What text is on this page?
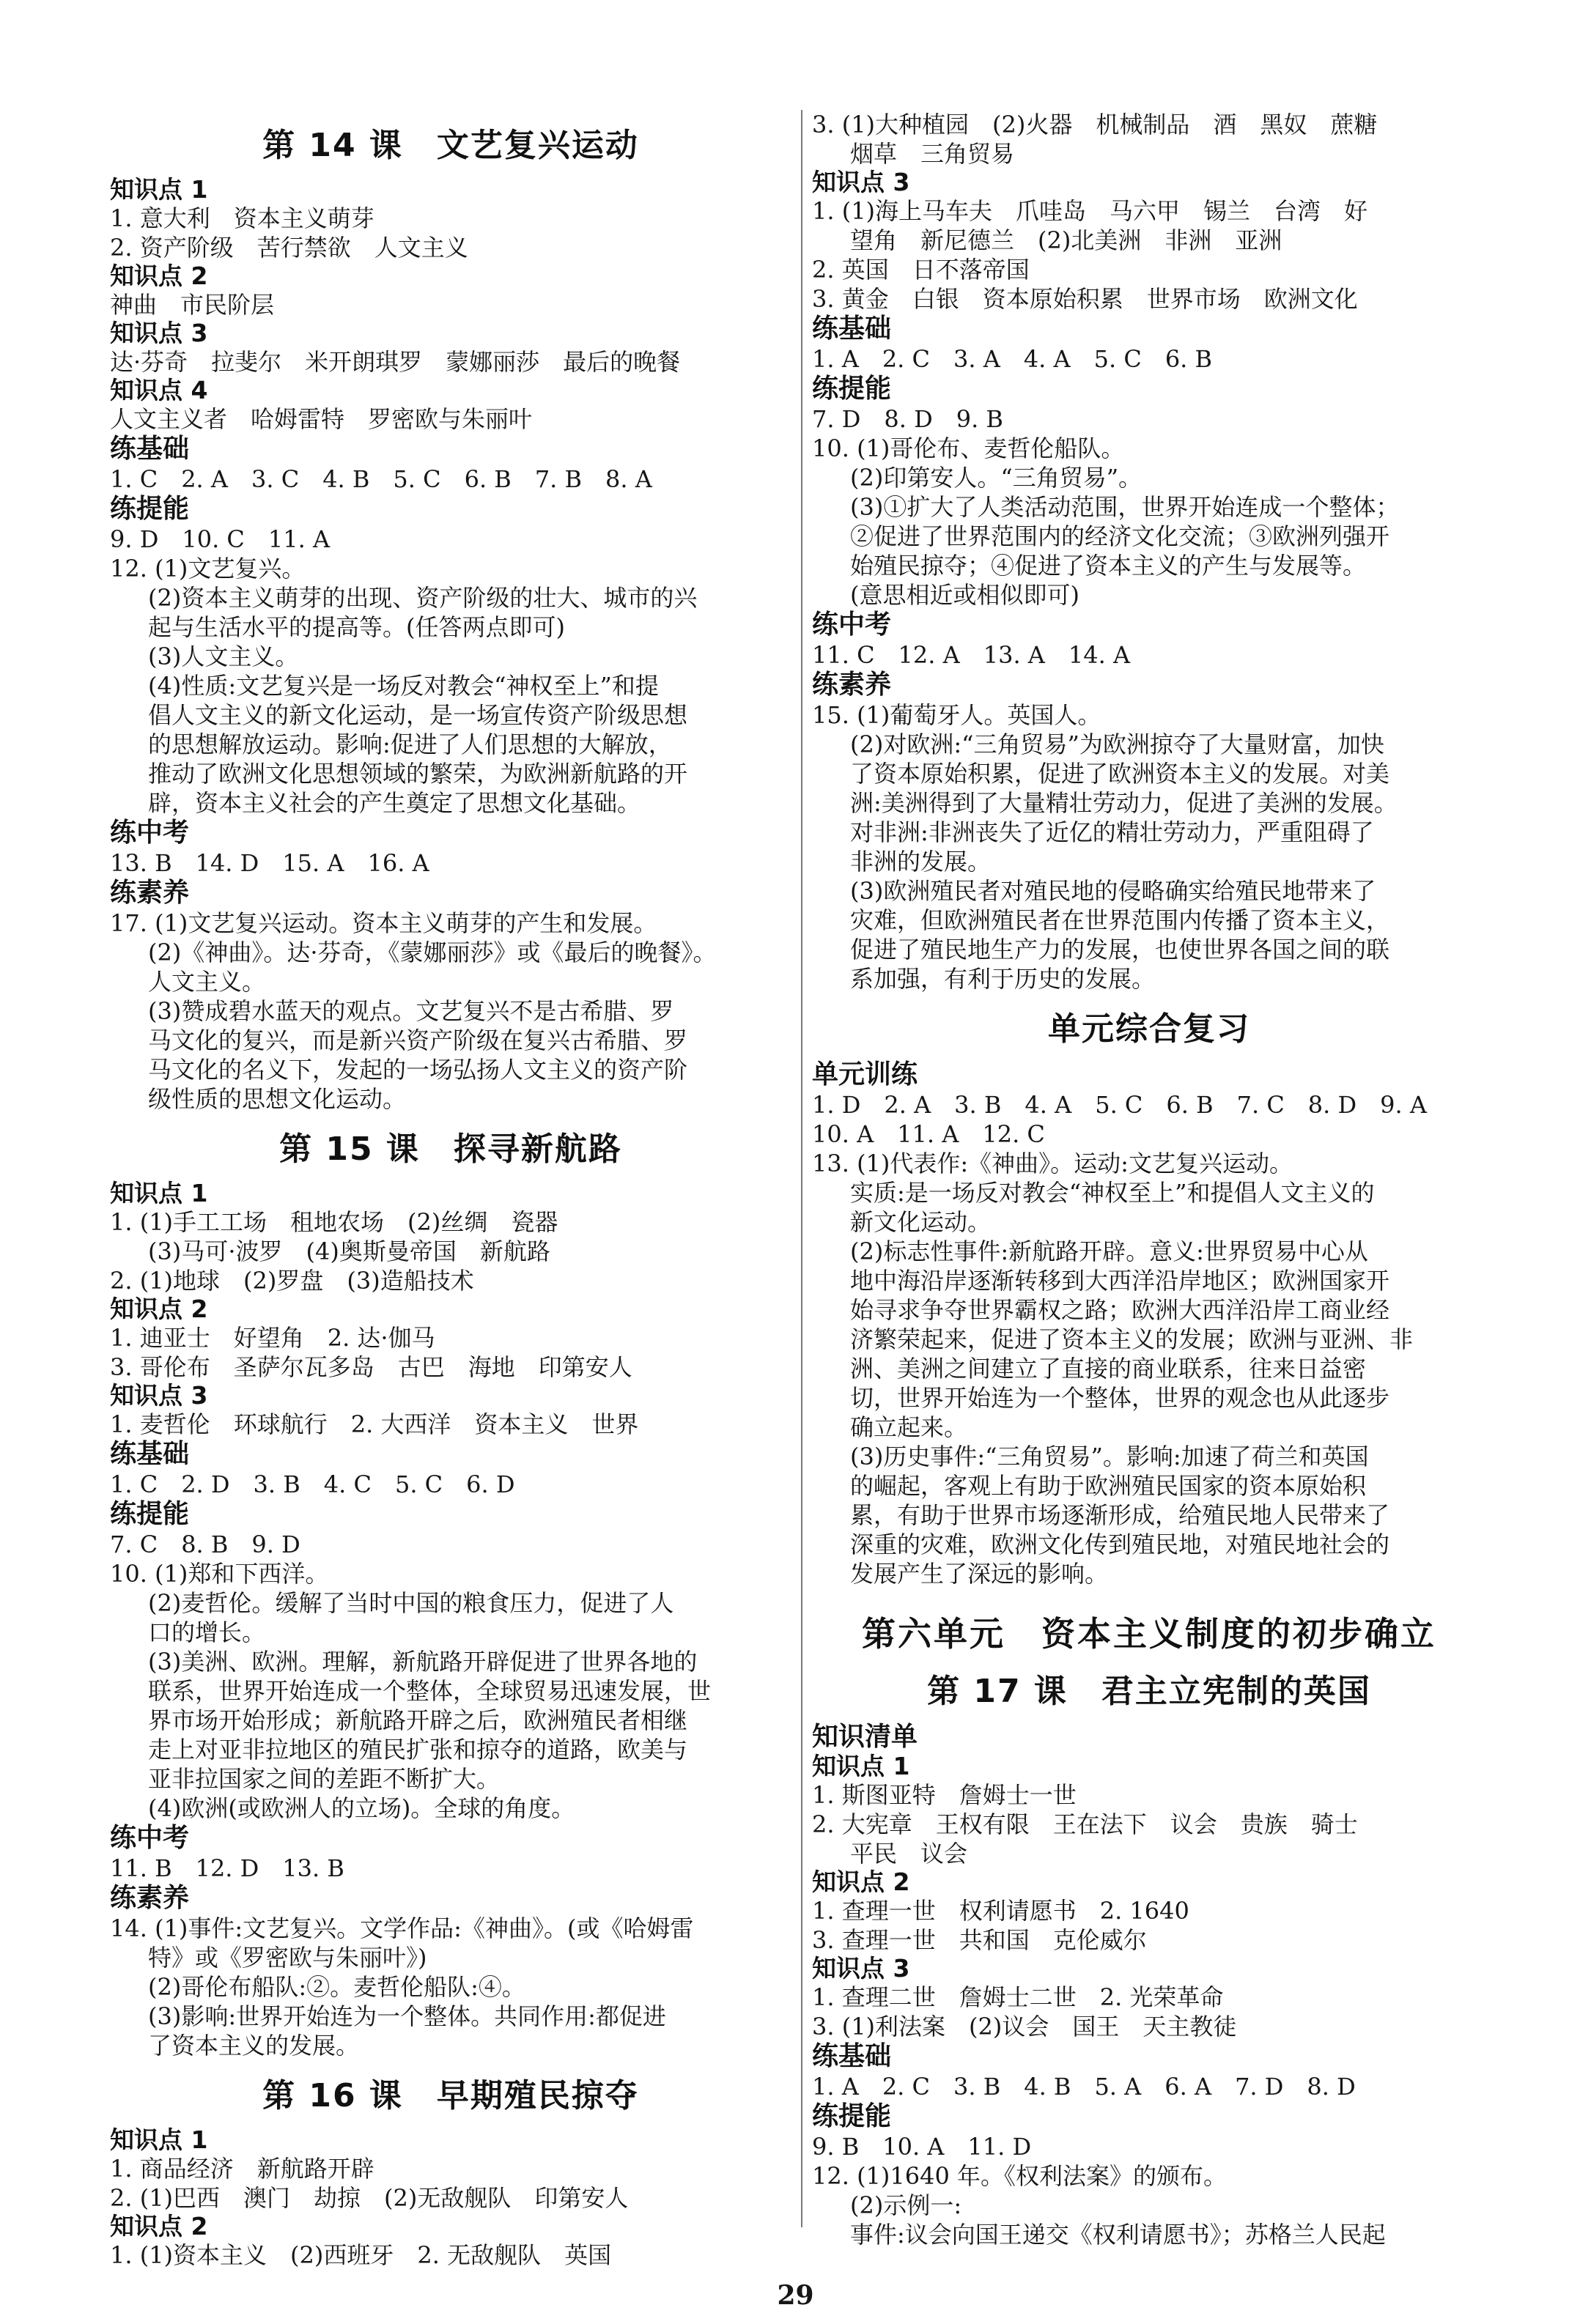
第 14 课　文艺复兴运动
知识点 1
1. 意大利　资本主义萌芽
2. 资产阶级　苦行禁欲　人文主义
知识点 2
神曲　市民阶层
知识点 3
达·芬奇　拉斐尔　米开朗琪罗　蒙娜丽莎　最后的晚餐
知识点 4
人文主义者　哈姆雷特　罗密欧与朱丽叶
练基础
1. C　2. A　3. C　4. B　5. C　6. B　7. B　8. A
练提能
9. D　10. C　11. A
12. (1)文艺复兴。
(2)资本主义萌芽的出现、资产阶级的壮大、城市的兴
起与生活水平的提高等。(任答两点即可)
(3)人文主义。
(4)性质:文艺复兴是一场反对教会“神权至上”和提
倡人文主义的新文化运动，是一场宣传资产阶级思想
的思想解放运动。影响:促进了人们思想的大解放，
推动了欧洲文化思想领域的繁荣，为欧洲新航路的开
辟，资本主义社会的产生奠定了思想文化基础。
练中考
13. B　14. D　15. A　16. A
练素养
17. (1)文艺复兴运动。资本主义萌芽的产生和发展。
(2)《神曲》。达·芬奇，《蒙娜丽莎》或《最后的晚餐》。
人文主义。
(3)赞成碧水蓝天的观点。文艺复兴不是古希腊、罗
马文化的复兴，而是新兴资产阶级在复兴古希腊、罗
马文化的名义下，发起的一场弘扬人文主义的资产阶
级性质的思想文化运动。
第 15 课　探寻新航路
知识点 1
1. (1)手工工场　租地农场　(2)丝绸　瓷器
(3)马可·波罗　(4)奥斯曼帝国　新航路
2. (1)地球　(2)罗盘　(3)造船技术
知识点 2
1. 迪亚士　好望角　2. 达·伽马
3. 哥伦布　圣萨尔瓦多岛　古巴　海地　印第安人
知识点 3
1. 麦哲伦　环球航行　2. 大西洋　资本主义　世界
练基础
1. C　2. D　3. B　4. C　5. C　6. D
练提能
7. C　8. B　9. D
10. (1)郑和下西洋。
(2)麦哲伦。缓解了当时中国的粮食压力，促进了人
口的增长。
(3)美洲、欧洲。理解，新航路开辟促进了世界各地的
联系，世界开始连成一个整体，全球贸易迅速发展，世
界市场开始形成；新航路开辟之后，欧洲殖民者相继
走上对亚非拉地区的殖民扩张和掠夺的道路，欧美与
亚非拉国家之间的差距不断扩大。
(4)欧洲(或欧洲人的立场)。全球的角度。
练中考
11. B　12. D　13. B
练素养
14. (1)事件:文艺复兴。文学作品:《神曲》。(或《哈姆雷
特》或《罗密欧与朱丽叶》)
(2)哥伦布船队:②。麦哲伦船队:④。
(3)影响:世界开始连为一个整体。共同作用:都促进
了资本主义的发展。
第 16 课　早期殖民掠夺
知识点 1
1. 商品经济　新航路开辟
2. (1)巴西　澳门　劫掠　(2)无敌舰队　印第安人
知识点 2
1. (1)资本主义　(2)西班牙　2. 无敌舰队　英国
3. (1)大种植园　(2)火器　机械制品　酒　黑奴　蔗糖
烟草　三角贸易
知识点 3
1. (1)海上马车夫　爪哇岛　马六甲　锡兰　台湾　好
望角　新尼德兰　(2)北美洲　非洲　亚洲
2. 英国　日不落帝国
3. 黄金　白银　资本原始积累　世界市场　欧洲文化
练基础
1. A　2. C　3. A　4. A　5. C　6. B
练提能
7. D　8. D　9. B
10. (1)哥伦布、麦哲伦船队。
(2)印第安人。“三角贸易”。
(3)①扩大了人类活动范围，世界开始连成一个整体；
②促进了世界范围内的经济文化交流；③欧洲列强开
始殖民掠夺；④促进了资本主义的产生与发展等。
(意思相近或相似即可)
练中考
11. C　12. A　13. A　14. A
练素养
15. (1)葡萄牙人。英国人。
(2)对欧洲:“三角贸易”为欧洲掠夺了大量财富，加快
了资本原始积累，促进了欧洲资本主义的发展。对美
洲:美洲得到了大量精壮劳动力，促进了美洲的发展。
对非洲:非洲丧失了近亿的精壮劳动力，严重阻碍了
非洲的发展。
(3)欧洲殖民者对殖民地的侵略确实给殖民地带来了
灾难，但欧洲殖民者在世界范围内传播了资本主义，
促进了殖民地生产力的发展，也使世界各国之间的联
系加强，有利于历史的发展。
单元综合复习
单元训练
1. D　2. A　3. B　4. A　5. C　6. B　7. C　8. D　9. A
10. A　11. A　12. C
13. (1)代表作:《神曲》。运动:文艺复兴运动。
实质:是一场反对教会“神权至上”和提倡人文主义的
新文化运动。
(2)标志性事件:新航路开辟。意义:世界贸易中心从
地中海沿岸逐渐转移到大西洋沿岸地区；欧洲国家开
始寻求争夺世界霸权之路；欧洲大西洋沿岸工商业经
济繁荣起来，促进了资本主义的发展；欧洲与亚洲、非
洲、美洲之间建立了直接的商业联系，往来日益密
切，世界开始连为一个整体，世界的观念也从此逐步
确立起来。
(3)历史事件:“三角贸易”。影响:加速了荷兰和英国
的崛起，客观上有助于欧洲殖民国家的资本原始积
累，有助于世界市场逐渐形成，给殖民地人民带来了
深重的灾难，欧洲文化传到殖民地，对殖民地社会的
发展产生了深远的影响。
第六单元　资本主义制度的初步确立
第 17 课　君主立宪制的英国
知识清单
知识点 1
1. 斯图亚特　詹姆士一世
2. 大宪章　王权有限　王在法下　议会　贵族　骑士
平民　议会
知识点 2
1. 查理一世　权利请愿书　2. 1640
3. 查理一世　共和国　克伦威尔
知识点 3
1. 查理二世　詹姆士二世　2. 光荣革命
3. (1)利法案　(2)议会　国王　天主教徒
练基础
1. A　2. C　3. B　4. B　5. A　6. A　7. D　8. D
练提能
9. B　10. A　11. D
12. (1)1640 年。《权利法案》的颁布。
(2)示例一:
事件:议会向国王递交《权利请愿书》；苏格兰人民起
29
